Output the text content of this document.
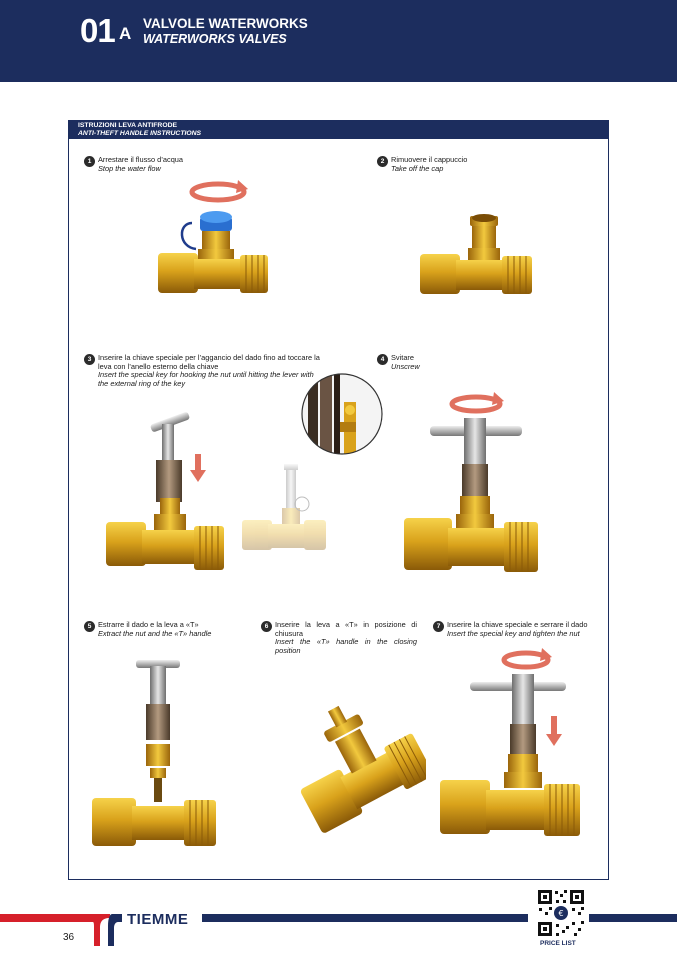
01 A
VALVOLE WATERWORKS
WATERWORKS VALVES
ISTRUZIONI LEVA ANTIFRODE
ANTI-THEFT HANDLE INSTRUCTIONS
1 Arrestare il flusso d’acqua
Stop the water flow
2 Rimuovere il cappuccio
Take off the cap
3 Inserire la chiave speciale per l’aggancio del dado fino ad toccare la leva con l’anello esterno della chiave
Insert the special key for hooking the nut until hitting the lever with the external ring of the key
4 Svitare
Unscrew
5 Estrarre il dado e la leva a «T»
Extract the nut and the «T» handle
6 Inserire la leva a «T» in posizione di chiusura
Insert the «T» handle in the closing position
7 Inserire la chiave speciale e serrare il dado
Insert the special key and tighten the nut
TIEMME
36
€
PRICE LIST
